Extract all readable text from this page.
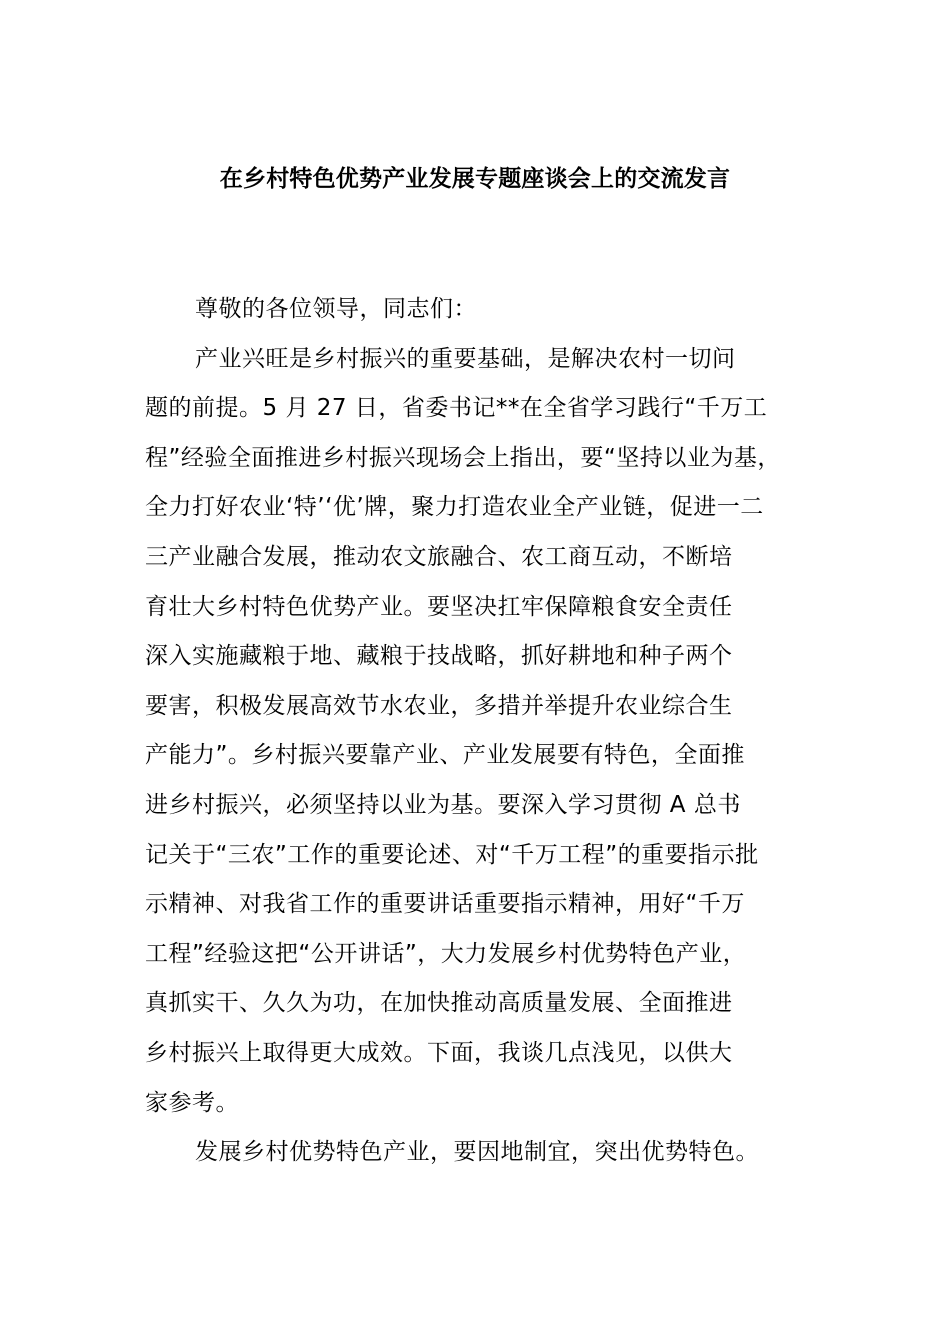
在乡村特色优势产业发展专题座谈会上的交流发言
尊敬的各位领导，同志们：
产业兴旺是乡村振兴的重要基础，是解决农村一切问
题的前提。5 月 27 日，省委书记**在全省学习践行“千万工
程”经验全面推进乡村振兴现场会上指出，要“坚持以业为基，
全力打好农业‘特’‘优’牌，聚力打造农业全产业链，促进一二
三产业融合发展，推动农文旅融合、农工商互动，不断培
育壮大乡村特色优势产业。要坚决扛牢保障粮食安全责任
深入实施藏粮于地、藏粮于技战略，抓好耕地和种子两个
要害，积极发展高效节水农业，多措并举提升农业综合生
产能力”。乡村振兴要靠产业、产业发展要有特色，全面推
进乡村振兴，必须坚持以业为基。要深入学习贯彻 A 总书
记关于“三农”工作的重要论述、对“千万工程”的重要指示批
示精神、对我省工作的重要讲话重要指示精神，用好“千万
工程”经验这把“公开讲话”，大力发展乡村优势特色产业，
真抓实干、久久为功，在加快推动高质量发展、全面推进
乡村振兴上取得更大成效。下面，我谈几点浅见，以供大
家参考。
发展乡村优势特色产业，要因地制宜，突出优势特色。
